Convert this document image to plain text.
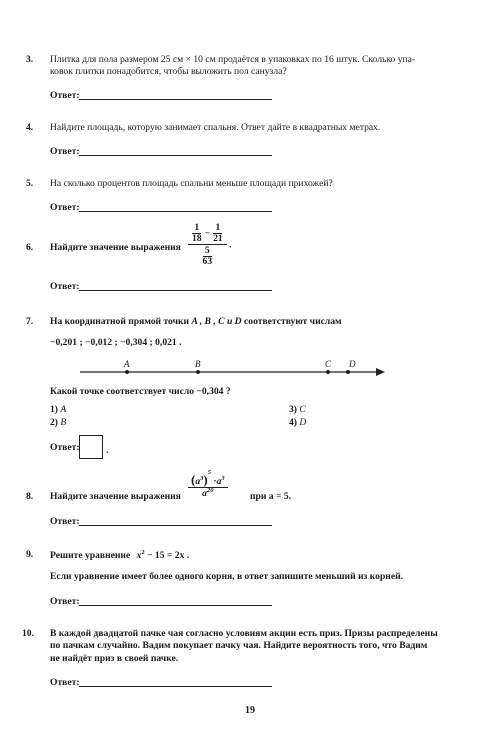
3. Плитка для пола размером 25 см × 10 см продаётся в упаковках по 16 штук. Сколько упа-
ковок плитки понадобится, чтобы выложить пол санузла?
Ответ:
4. Найдите площадь, которую занимает спальня. Ответ дайте в квадратных метрах.
Ответ:
5. На сколько процентов площадь спальни меньше площади прихожей?
Ответ:
6. Найдите значение выражения $\frac{\frac{1}{18} - \frac{1}{21}}{\frac{5}{63}}$ .
Ответ:
7. На координатной прямой точки A , B , C и D соответствуют числам
−0,201 ; −0,012 ; −0,304 ; 0,021 .
A	B	C D
Какой точке соответствует число −0,304 ?
1) A
2) B
3) C
4) D
Ответ:	.
8. Найдите значение выражения $\frac{(a^3)^5 \cdot a^3}{a^{20}}$ при a = 5.
Ответ:
9. Решите уравнение $x^2 - 15 = 2x$ .
Если уравнение имеет более одного корня, в ответ запишите меньший из корней.
Ответ:
10. В каждой двадцатой пачке чая согласно условиям акции есть приз. Призы распределены
по пачкам случайно. Вадим покупает пачку чая. Найдите вероятность того, что Вадим
не найдёт приз в своей пачке.
Ответ:
19
